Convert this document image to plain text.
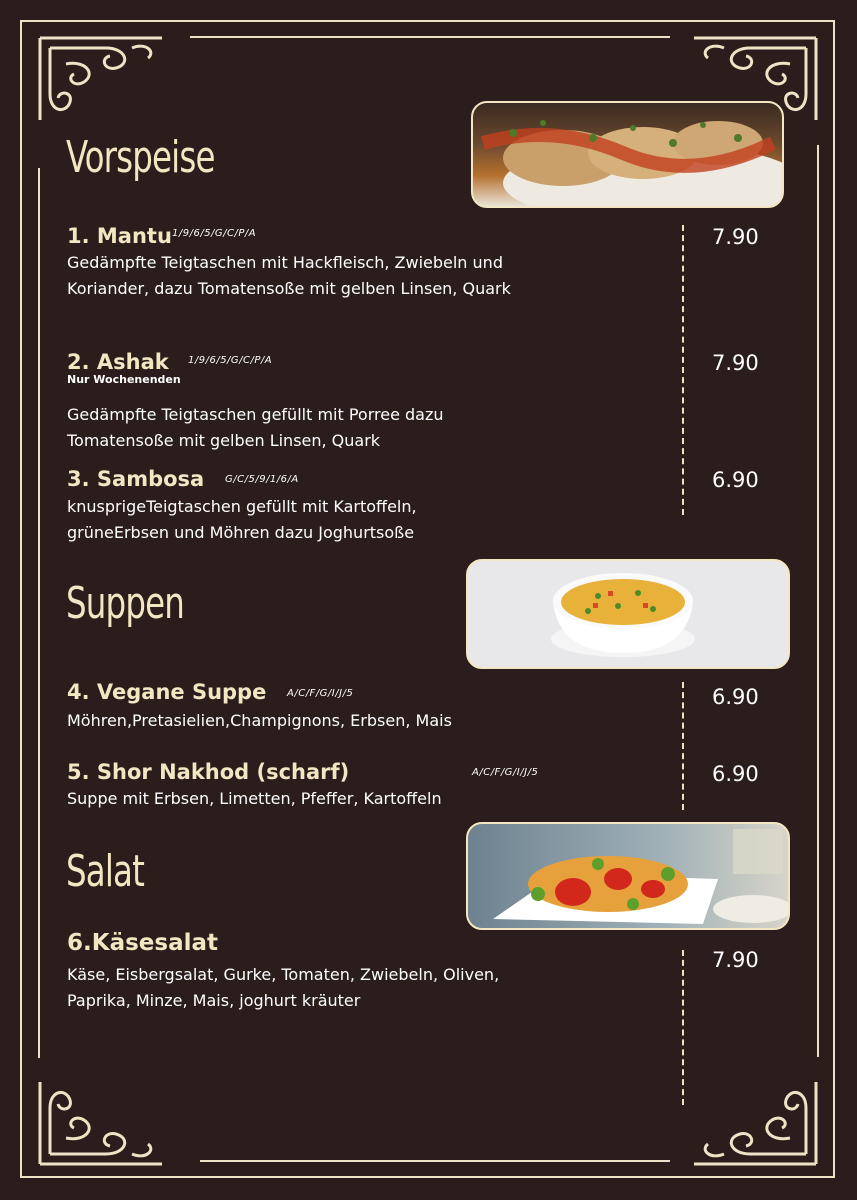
Vorspeise
Suppen
Salat
1. Mantu 1/9/6/5/G/C/P/A
Gedämpfte Teigtaschen mit Hackfleisch, Zwiebeln und
Koriander, dazu Tomatensoße mit gelben Linsen, Quark
7.90
2. Ashak 1/9/6/5/G/C/P/A
Nur Wochenenden
Gedämpfte Teigtaschen gefüllt mit Porree dazu
Tomatensoße mit gelben Linsen, Quark
7.90
3. Sambosa G/C/5/9/1/6/A
knusprigeTeigtaschen gefüllt mit Kartoffeln,
grüneErbsen und Möhren dazu Joghurtsoße
6.90
4. Vegane Suppe A/C/F/G/I/J/5
Möhren,Pretasielien,Champignons, Erbsen, Mais
6.90
5. Shor Nakhod (scharf)	A/C/F/G/I/J/5
Suppe mit Erbsen, Limetten, Pfeffer, Kartoffeln
6.90
6.Käsesalat
Käse, Eisbergsalat, Gurke, Tomaten, Zwiebeln, Oliven,
Paprika, Minze, Mais, joghurt kräuter
7.90
